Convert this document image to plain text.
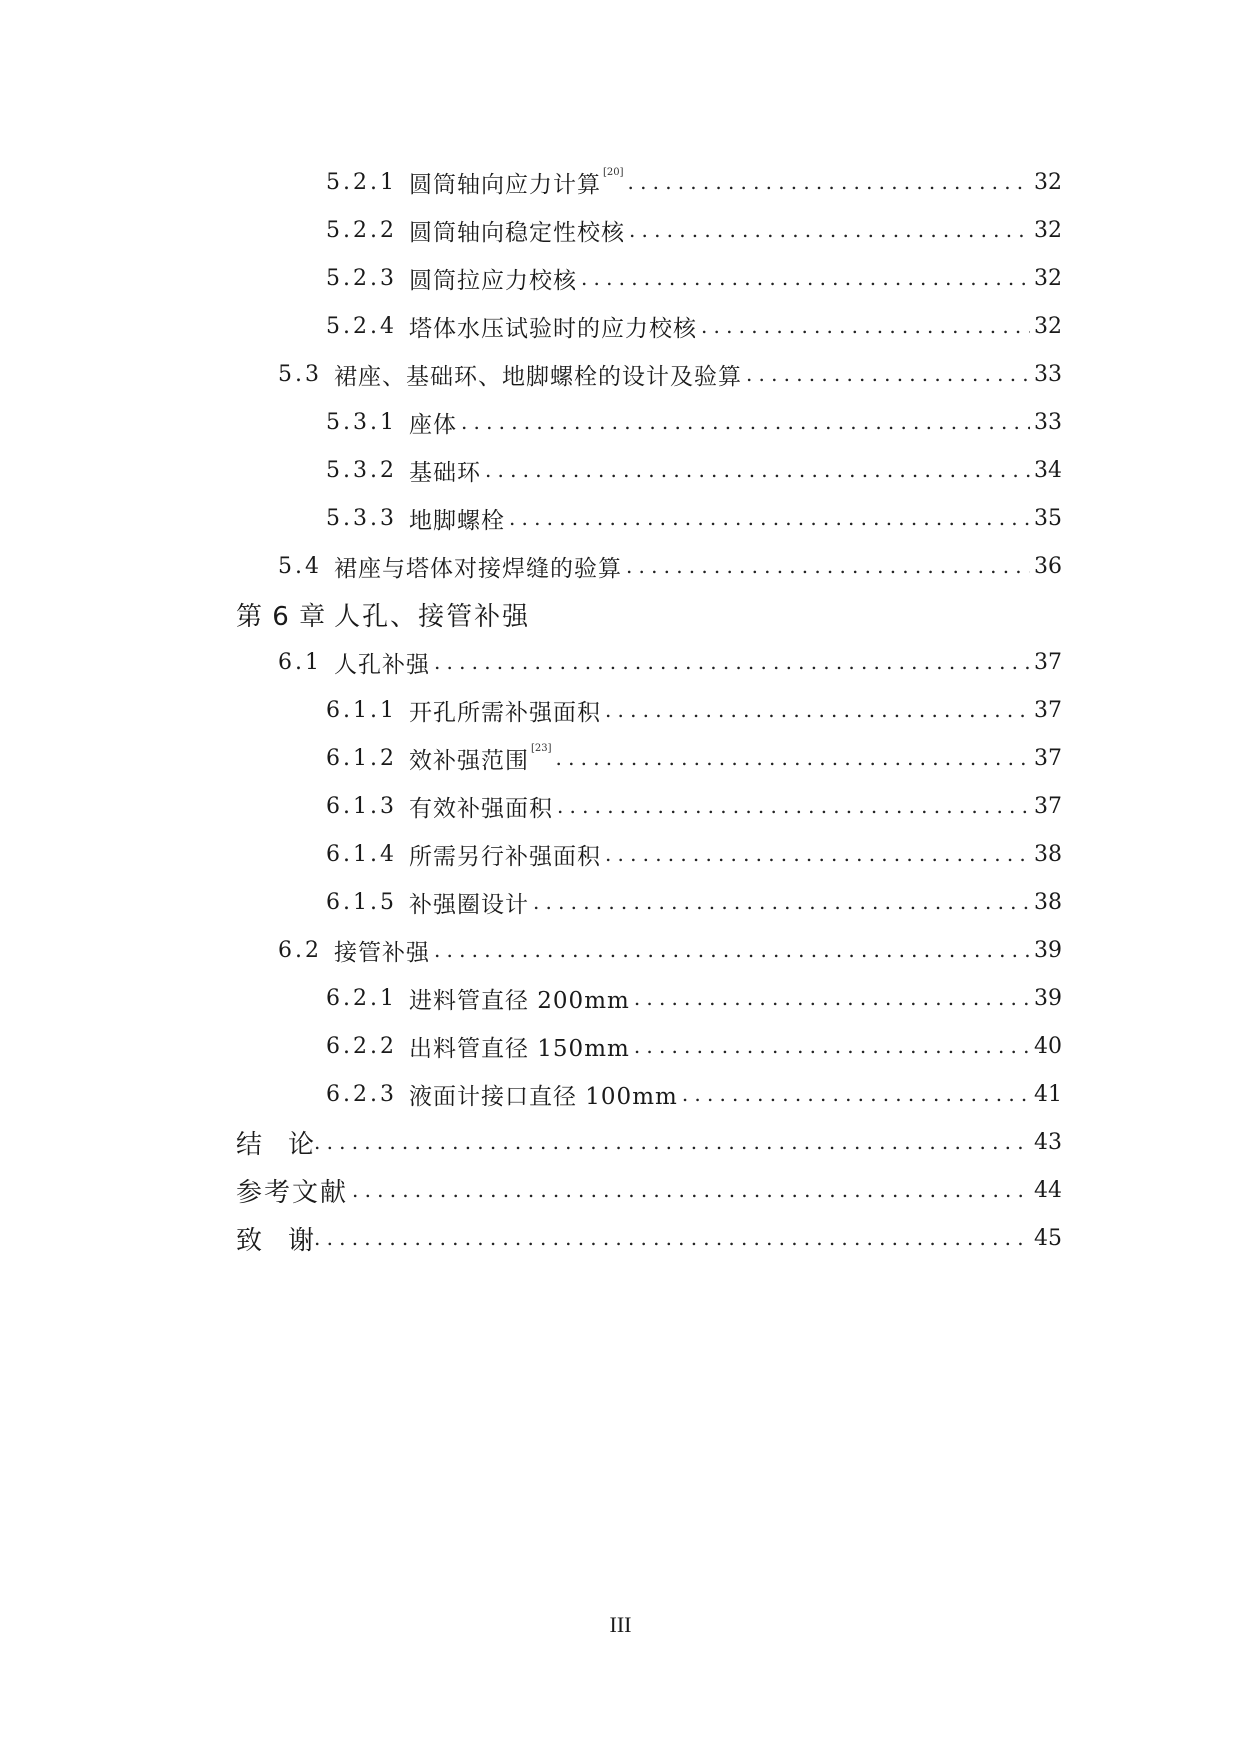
5.2.1 圆筒轴向应力计算 [20] .....	32
5.2.2 圆筒轴向稳定性校核 .....	32
5.2.3 圆筒拉应力校核 .....	32
5.2.4 塔体水压试验时的应力校核 .....	32
5.3 裙座、基础环、地脚螺栓的设计及验算 .....	33
5.3.1 座体 .....	33
5.3.2 基础环 .....	34
5.3.3 地脚螺栓 .....	35
5.4 裙座与塔体对接焊缝的验算 .....	36
第 6 章 人孔、接管补强
6.1 人孔补强 .....	37
6.1.1 开孔所需补强面积 .....	37
6.1.2 效补强范围 [23] .....	37
6.1.3 有效补强面积 .....	37
6.1.4 所需另行补强面积 .....	38
6.1.5 补强圈设计 .....	38
6.2 接管补强 .....	39
6.2.1 进料管直径 200mm .....	39
6.2.2 出料管直径 150mm .....	40
6.2.3 液面计接口直径 100mm .....	41
结论 .....	43
参考文献 .....	44
致谢 .....	45
III
